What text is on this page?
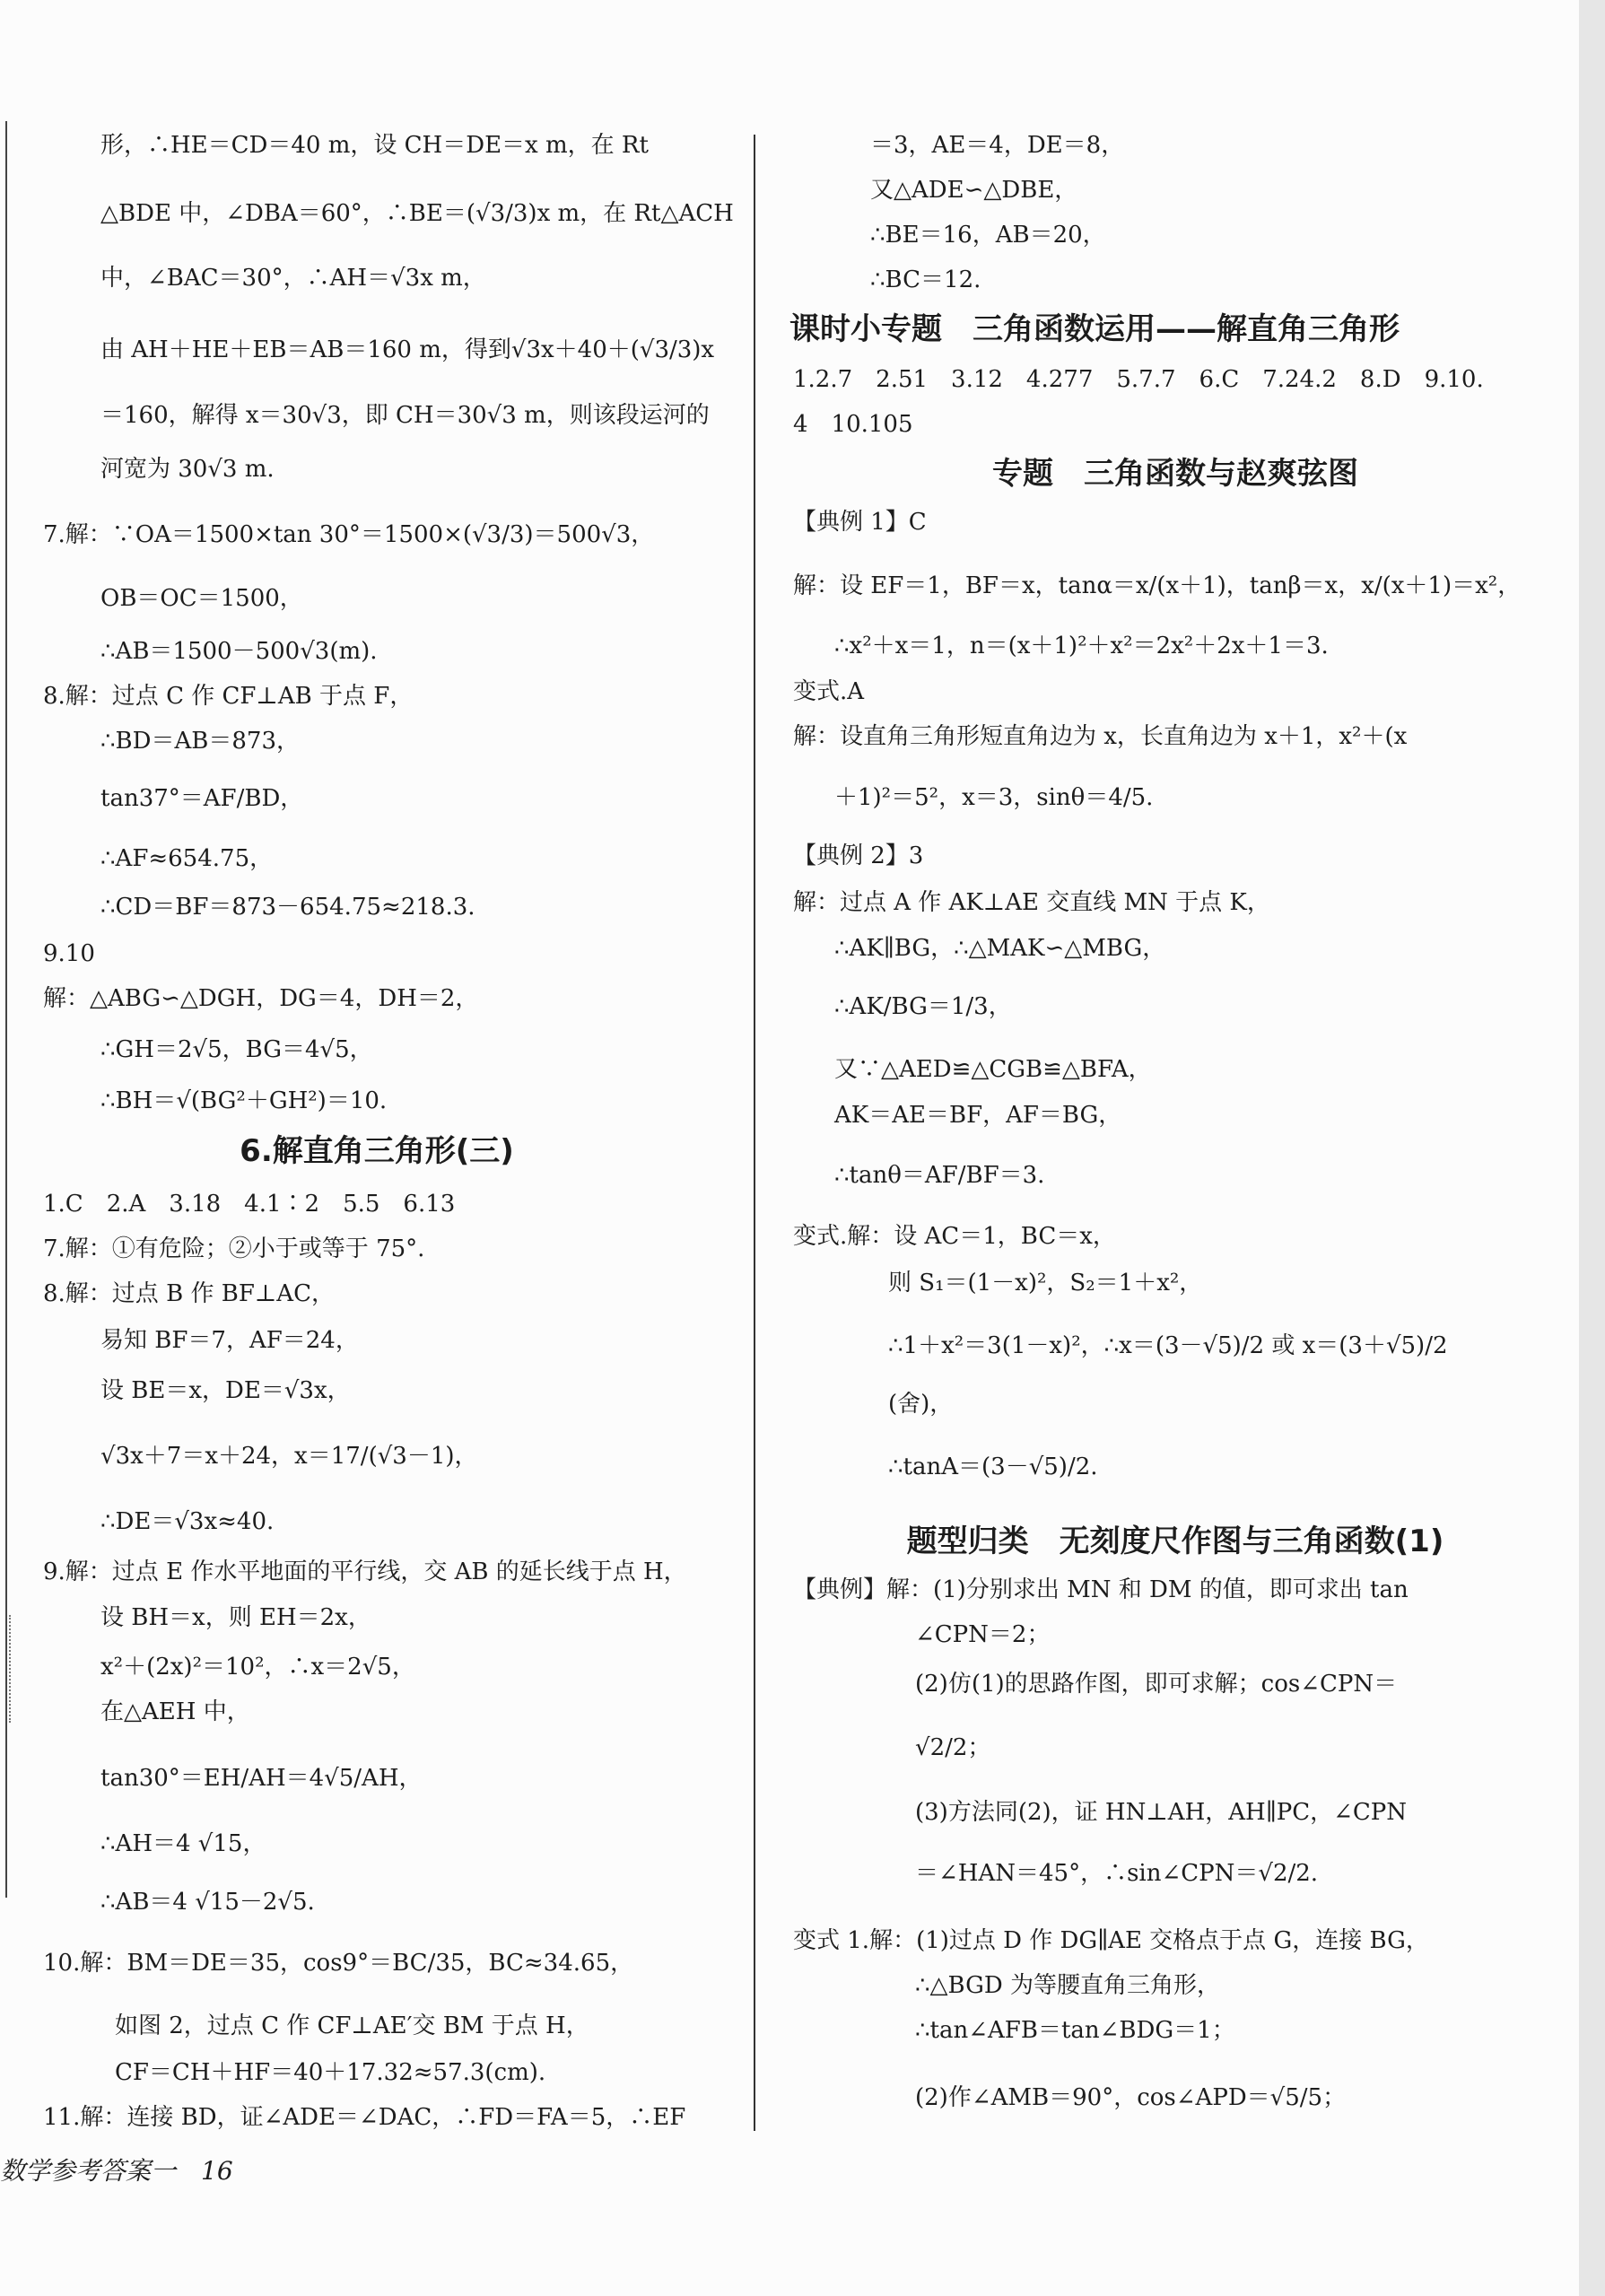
形，∴HE＝CD＝40 m，设 CH＝DE＝x m，在 Rt
△BDE 中，∠DBA＝60°，∴BE＝(√3/3)x m，在 Rt△ACH
中，∠BAC＝30°，∴AH＝√3x m，
由 AH＋HE＋EB＝AB＝160 m，得到√3x＋40＋(√3/3)x
＝160，解得 x＝30√3，即 CH＝30√3 m，则该段运河的
河宽为 30√3 m.
7.解：∵OA＝1500×tan 30°＝1500×(√3/3)＝500√3，
OB＝OC＝1500，
∴AB＝1500－500√3(m).
8.解：过点 C 作 CF⊥AB 于点 F，
∴BD＝AB＝873，
tan37°＝AF/BD，
∴AF≈654.75，
∴CD＝BF＝873－654.75≈218.3.
9.10
解：△ABG∽△DGH，DG＝4，DH＝2，
∴GH＝2√5，BG＝4√5，
∴BH＝√(BG²＋GH²)＝10.
6.解直角三角形(三)
1.C　2.A　3.18　4.1∶2　5.5　6.13
7.解：①有危险；②小于或等于 75°.
8.解：过点 B 作 BF⊥AC，
易知 BF＝7，AF＝24，
设 BE＝x，DE＝√3x，
√3x＋7＝x＋24，x＝17/(√3－1)，
∴DE＝√3x≈40.
9.解：过点 E 作水平地面的平行线，交 AB 的延长线于点 H，
设 BH＝x，则 EH＝2x，
x²＋(2x)²＝10²，∴x＝2√5，
在△AEH 中，
tan30°＝EH/AH＝4√5/AH，
∴AH＝4 √15，
∴AB＝4 √15－2√5.
10.解：BM＝DE＝35，cos9°＝BC/35，BC≈34.65，
如图 2，过点 C 作 CF⊥AE′交 BM 于点 H，
CF＝CH＋HF＝40＋17.32≈57.3(cm).
11.解：连接 BD，证∠ADE＝∠DAC，∴FD＝FA＝5，∴EF
数学参考答案一　16
＝3，AE＝4，DE＝8，
又△ADE∽△DBE，
∴BE＝16，AB＝20，
∴BC＝12.
课时小专题　三角函数运用——解直角三角形
1.2.7　2.51　3.12　4.277　5.7.7　6.C　7.24.2　8.D　9.10.
4　10.105
专题　三角函数与赵爽弦图
【典例 1】C
解：设 EF＝1，BF＝x，tanα＝x/(x＋1)，tanβ＝x，x/(x＋1)＝x²，
∴x²＋x＝1，n＝(x＋1)²＋x²＝2x²＋2x＋1＝3.
变式.A
解：设直角三角形短直角边为 x，长直角边为 x＋1，x²＋(x
＋1)²＝5²，x＝3，sinθ＝4/5.
【典例 2】3
解：过点 A 作 AK⊥AE 交直线 MN 于点 K，
∴AK∥BG，∴△MAK∽△MBG，
∴AK/BG＝1/3，
又∵△AED≌△CGB≌△BFA，
AK＝AE＝BF，AF＝BG，
∴tanθ＝AF/BF＝3.
变式.解：设 AC＝1，BC＝x，
则 S₁＝(1－x)²，S₂＝1＋x²，
∴1＋x²＝3(1－x)²，∴x＝(3－√5)/2 或 x＝(3＋√5)/2
(舍)，
∴tanA＝(3－√5)/2.
题型归类　无刻度尺作图与三角函数(1)
【典例】解：(1)分别求出 MN 和 DM 的值，即可求出 tan
∠CPN＝2；
(2)仿(1)的思路作图，即可求解；cos∠CPN＝
√2/2；
(3)方法同(2)，证 HN⊥AH，AH∥PC，∠CPN
＝∠HAN＝45°，∴sin∠CPN＝√2/2.
变式 1.解：(1)过点 D 作 DG∥AE 交格点于点 G，连接 BG，
∴△BGD 为等腰直角三角形，
∴tan∠AFB＝tan∠BDG＝1；
(2)作∠AMB＝90°，cos∠APD＝√5/5；
